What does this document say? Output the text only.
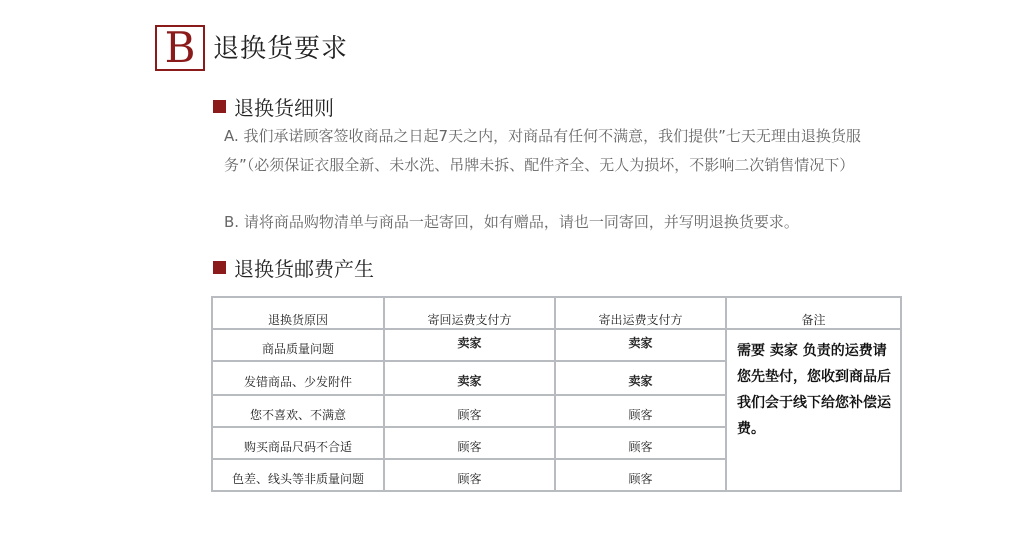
B 退换货要求
退换货细则
A. 我们承诺顾客签收商品之日起7天之内，对商品有任何不满意，我们提供”七天无理由退换货服务”（必须保证衣服全新、未水洗、吊牌未拆、配件齐全、无人为损坏，不影响二次销售情况下）
B. 请将商品购物清单与商品一起寄回，如有赠品，请也一同寄回，并写明退换货要求。
退换货邮费产生
退换货原因	寄回运费支付方	寄出运费支付方	备注
商品质量问题	卖家	卖家	需要 卖家 负责的运费请您先垫付，您收到商品后我们会于线下给您补偿运费。
发错商品、少发附件	卖家	卖家	
您不喜欢、不满意	顾客	顾客	
购买商品尺码不合适	顾客	顾客	
色差、线头等非质量问题	顾客	顾客	
